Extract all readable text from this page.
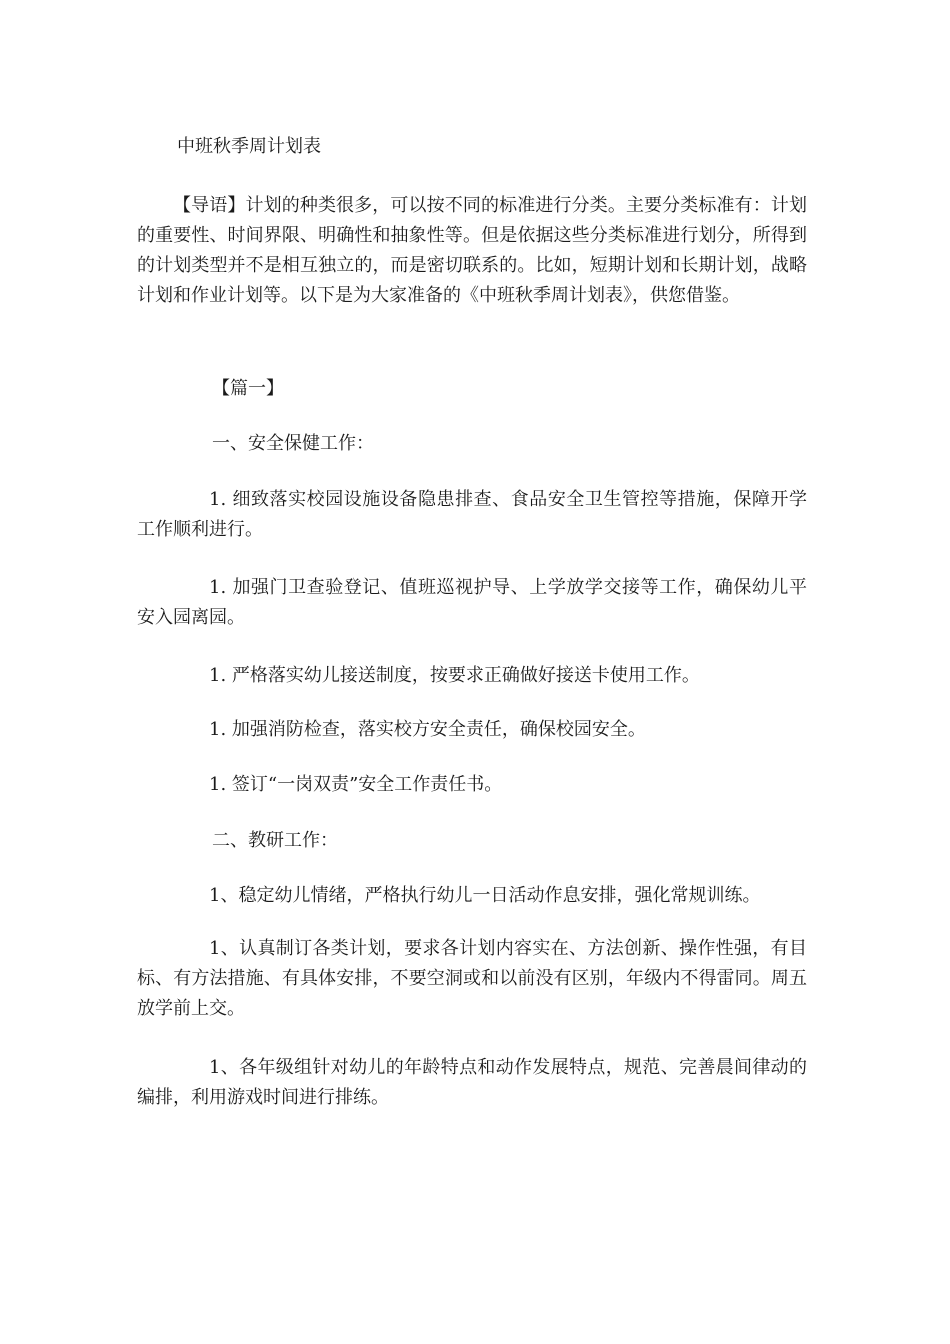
中班秋季周计划表
【导语】计划的种类很多，可以按不同的标准进行分类。主要分类标准有：计划的重要性、时间界限、明确性和抽象性等。但是依据这些分类标准进行划分，所得到的计划类型并不是相互独立的，而是密切联系的。比如，短期计划和长期计划，战略计划和作业计划等。以下是为大家准备的《中班秋季周计划表》，供您借鉴。
【篇一】
一、安全保健工作：
1. 细致落实校园设施设备隐患排查、食品安全卫生管控等措施，保障开学工作顺利进行。
1. 加强门卫查验登记、值班巡视护导、上学放学交接等工作，确保幼儿平安入园离园。
1. 严格落实幼儿接送制度，按要求正确做好接送卡使用工作。
1. 加强消防检查，落实校方安全责任，确保校园安全。
1. 签订“一岗双责”安全工作责任书。
二、教研工作：
1、稳定幼儿情绪，严格执行幼儿一日活动作息安排，强化常规训练。
1、认真制订各类计划，要求各计划内容实在、方法创新、操作性强，有目标、有方法措施、有具体安排，不要空洞或和以前没有区别，年级内不得雷同。周五放学前上交。
1、各年级组针对幼儿的年龄特点和动作发展特点，规范、完善晨间律动的编排，利用游戏时间进行排练。
